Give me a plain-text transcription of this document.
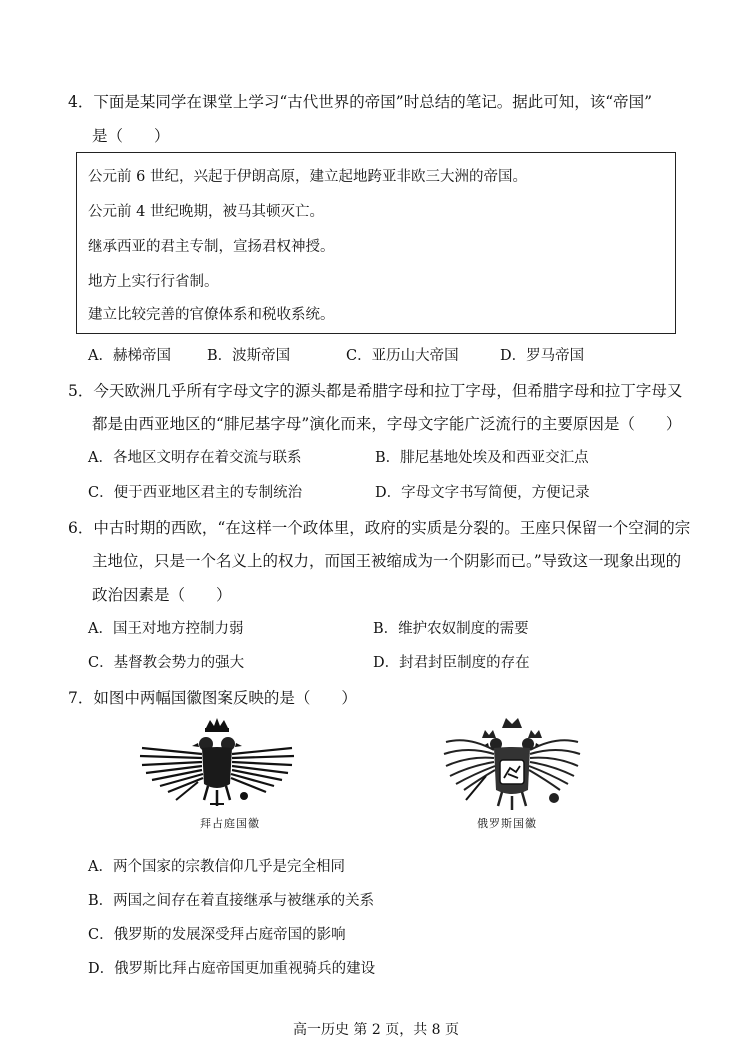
4．下面是某同学在课堂上学习“古代世界的帝国”时总结的笔记。据此可知，该“帝国”
是（　　）
公元前 6 世纪，兴起于伊朗高原，建立起地跨亚非欧三大洲的帝国。
公元前 4 世纪晚期，被马其顿灭亡。
继承西亚的君主专制，宣扬君权神授。
地方上实行行省制。
建立比较完善的官僚体系和税收系统。
A．赫梯帝国 B．波斯帝国	C．亚历山大帝国	D．罗马帝国
5．今天欧洲几乎所有字母文字的源头都是希腊字母和拉丁字母，但希腊字母和拉丁字母又
都是由西亚地区的“腓尼基字母”演化而来，字母文字能广泛流行的主要原因是（　　）
A．各地区文明存在着交流与联系	B．腓尼基地处埃及和西亚交汇点
C．便于西亚地区君主的专制统治	D．字母文字书写简便，方便记录
6．中古时期的西欧，“在这样一个政体里，政府的实质是分裂的。王座只保留一个空洞的宗
主地位，只是一个名义上的权力，而国王被缩成为一个阴影而已。”导致这一现象出现的
政治因素是（　　）
A．国王对地方控制力弱	B．维护农奴制度的需要
C．基督教会势力的强大	D．封君封臣制度的存在
7．如图中两幅国徽图案反映的是（　　）
拜占庭国徽	俄罗斯国徽
A．两个国家的宗教信仰几乎是完全相同
B．两国之间存在着直接继承与被继承的关系
C．俄罗斯的发展深受拜占庭帝国的影响
D．俄罗斯比拜占庭帝国更加重视骑兵的建设
高一历史 第 2 页，共 8 页
